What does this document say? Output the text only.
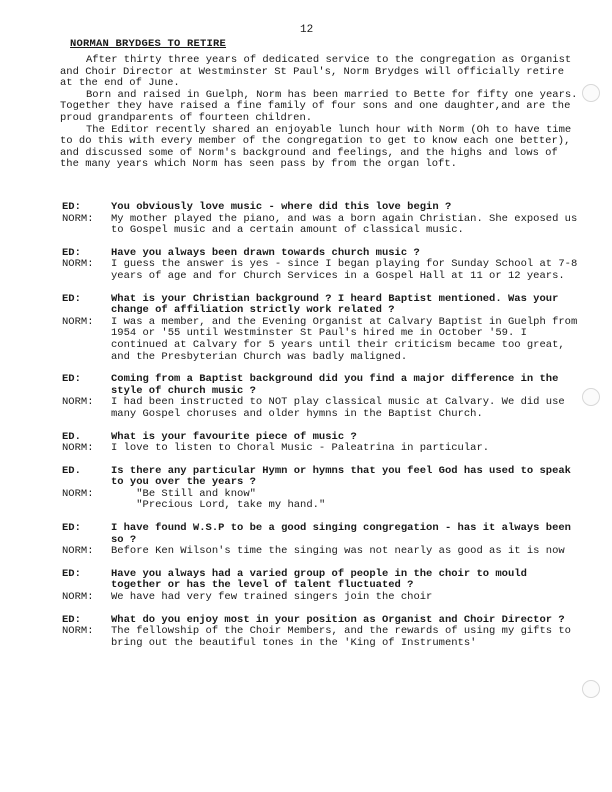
12
NORMAN BRYDGES TO RETIRE

After thirty three years of dedicated service to the congregation as Organist and Choir Director at Westminster St Paul's, Norm Brydges will officially retire at the end of June.

Born and raised in Guelph, Norm has been married to Bette for fifty one years. Together they have raised a fine family of four sons and one daughter,and are the proud grandparents of fourteen children.

The Editor recently shared an enjoyable lunch hour with Norm (Oh to have time to do this with every member of the congregation to get to know each one better), and discussed some of Norm's background and feelings, and the highs and lows of the many years which Norm has seen pass by from the organ loft.

ED:	You obviously love music - where did this love begin ?
NORM:	My mother played the piano, and was a born again Christian. She exposed us to Gospel music and a certain amount of classical music.
ED:	Have you always been drawn towards church music ?
NORM:	I guess the answer is yes - since I began playing for Sunday School at 7-8 years of age and for Church Services in a Gospel Hall at 11 or 12 years.
ED:	What is your Christian background ? I heard Baptist mentioned. Was your change of affiliation strictly work related ?
NORM:	I was a member, and the Evening Organist at Calvary Baptist in Guelph from 1954 or '55 until Westminster St Paul's hired me in October '59. I continued at Calvary for 5 years until their criticism became too great, and the Presbyterian Church was badly maligned.
ED:	Coming from a Baptist background did you find a major difference in the style of church music ?
NORM:	I had been instructed to NOT play classical music at Calvary. We did use many Gospel choruses and older hymns in the Baptist Church.
ED.	What is your favourite piece of music ?
NORM:	I love to listen to Choral Music - Paleatrina in particular.
ED.	Is there any particular Hymn or hymns that you feel God has used to speak to you over the years ?
NORM:	"Be Still and know"
"Precious Lord, take my hand."
ED:	I have found W.S.P to be a good singing congregation - has it always been so ?
NORM:	Before Ken Wilson's time the singing was not nearly as good as it is now
ED:	Have you always had a varied group of people in the choir to mould together or has the level of talent fluctuated ?
NORM:	We have had very few trained singers join the choir
ED:	What do you enjoy most in your position as Organist and Choir Director ?
NORM:	The fellowship of the Choir Members, and the rewards of using my gifts to bring out the beautiful tones in the 'King of Instruments'
